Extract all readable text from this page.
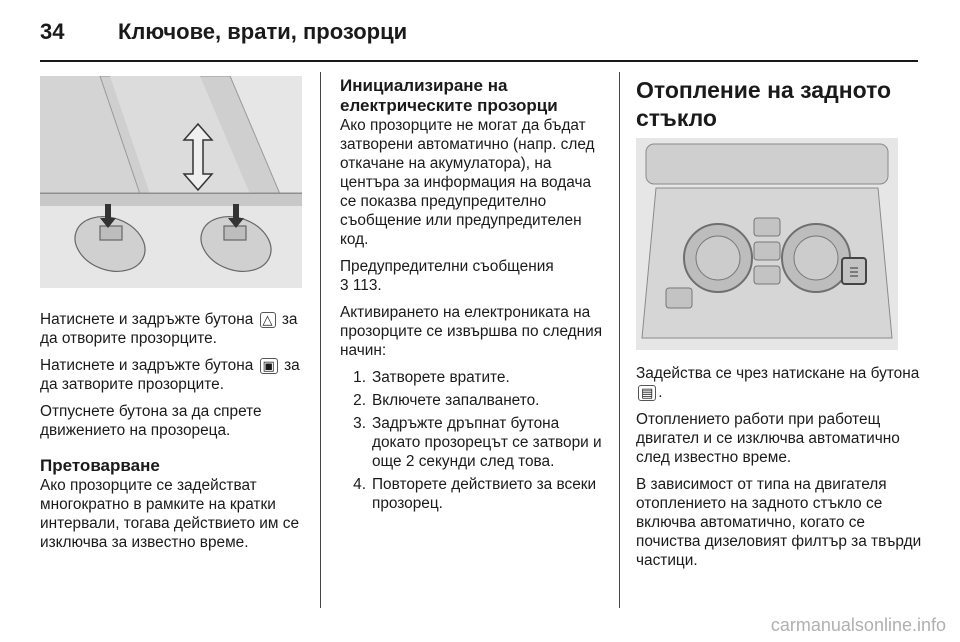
34	Ключове, врати, прозорци

Натиснете и задръжте бутона △ за да отворите прозорците.

Натиснете и задръжте бутона ▣ за да затворите прозорците.

Отпуснете бутона за да спрете движението на прозорецa.

Претоварване

Ако прозорците се задействат многократно в рамките на кратки интервали, тогава действието им се изключва за известно време.

Инициализиране на
електрическите прозорци

Ако прозорците не могат да бъдат затворени автоматично (напр. след откачане на акумулатора), на центъра за информация на водача се показва предупредително съобщение или предупредителен код.

Предупредителни съобщения
3 113.

Активирането на електрониката на прозорците се извършва по следния начин:

1. Затворете вратите.
2. Включете запалването.
3. Задръжте дръпнат бутона докато прозорецът се затвори и още 2 секунди след това.
4. Повторете действието за всеки прозорец.
Отопление на задното
стъкло

Задейства се чрез натискане на бутона ▤ .

Отоплението работи при работещ двигател и се изключва автоматично след известно време.

В зависимост от типа на двигателя отоплението на задното стъкло се включва автоматично, когато се почиства дизеловият филтър за твърди частици.

carmanualsonline.info
